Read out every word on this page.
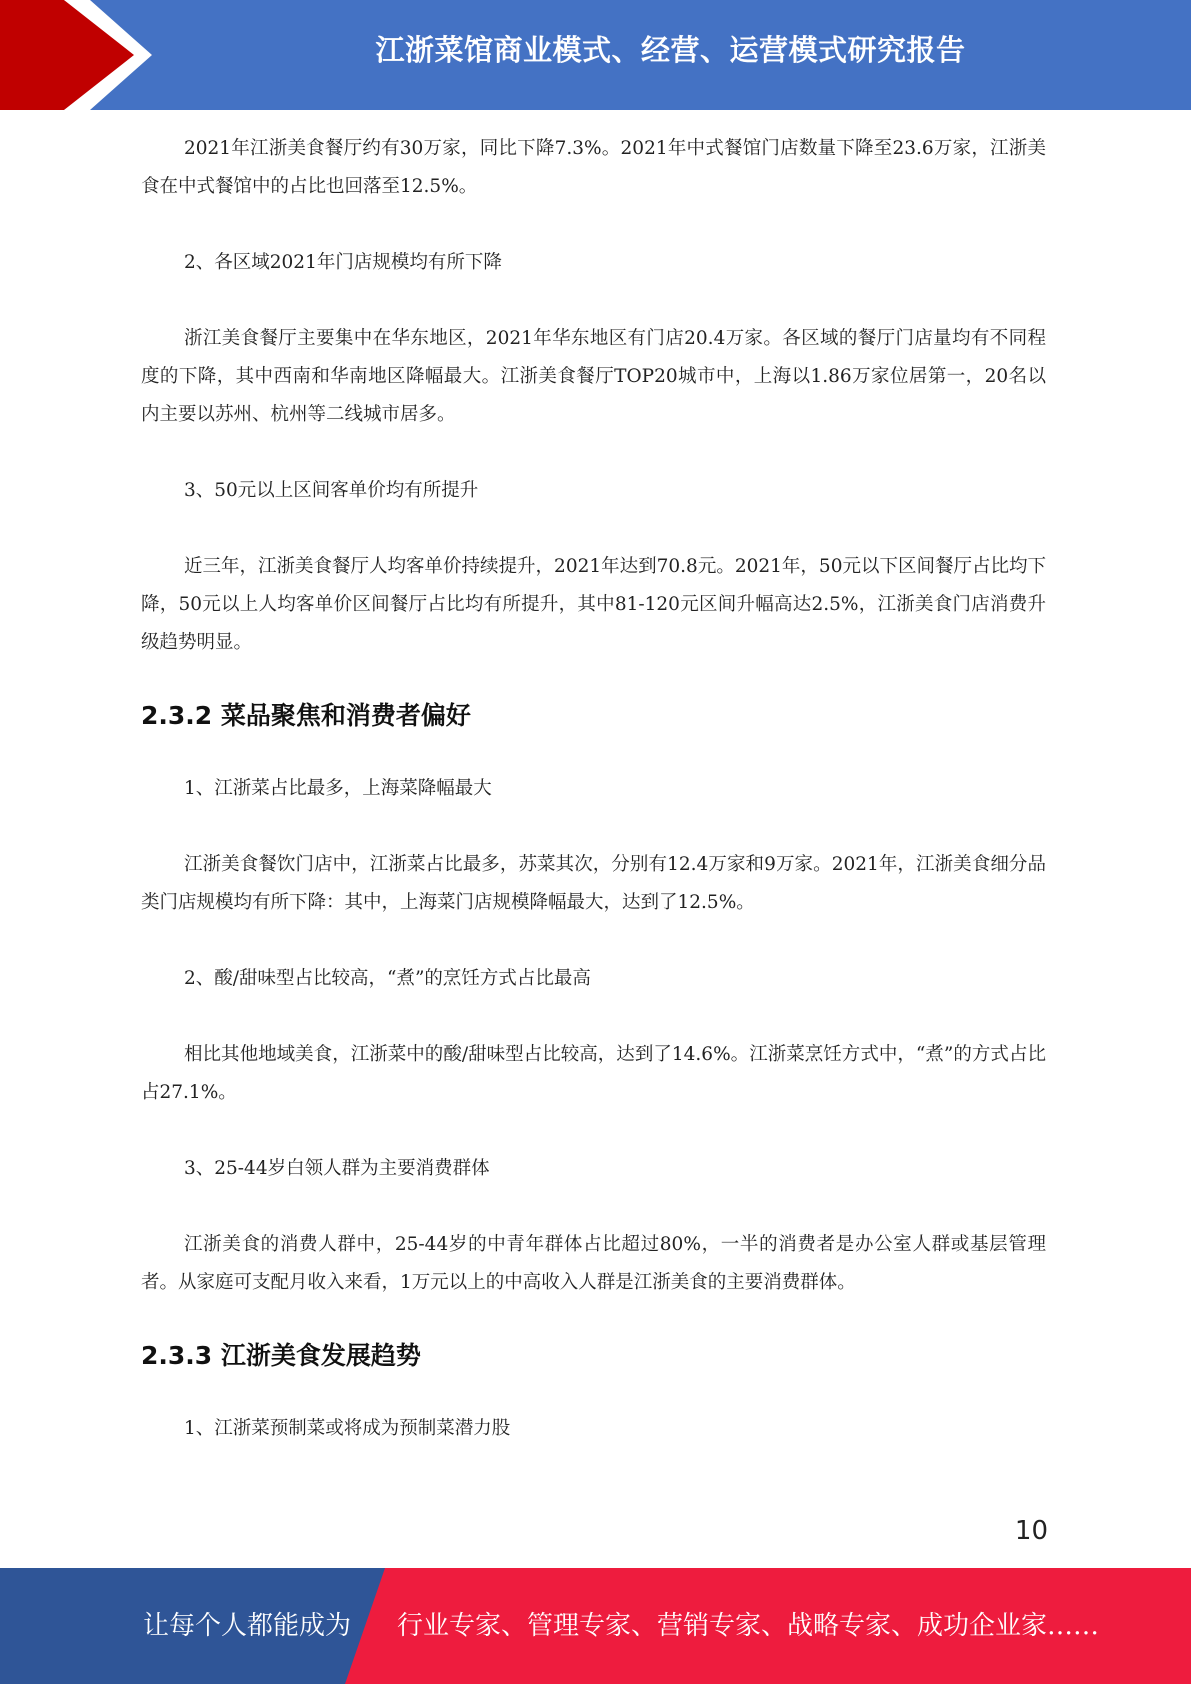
江浙菜馆商业模式、经营、运营模式研究报告

2021年江浙美食餐厅约有30万家，同比下降7.3%。2021年中式餐馆门店数量下降至23.6万家，江浙美食在中式餐馆中的占比也回落至12.5%。

2、各区域2021年门店规模均有所下降

浙江美食餐厅主要集中在华东地区，2021年华东地区有门店20.4万家。各区域的餐厅门店量均有不同程度的下降，其中西南和华南地区降幅最大。江浙美食餐厅TOP20城市中，上海以1.86万家位居第一，20名以内主要以苏州、杭州等二线城市居多。

3、50元以上区间客单价均有所提升

近三年，江浙美食餐厅人均客单价持续提升，2021年达到70.8元。2021年，50元以下区间餐厅占比均下降，50元以上人均客单价区间餐厅占比均有所提升，其中81-120元区间升幅高达2.5%，江浙美食门店消费升级趋势明显。

2.3.2 菜品聚焦和消费者偏好

1、江浙菜占比最多，上海菜降幅最大

江浙美食餐饮门店中，江浙菜占比最多，苏菜其次，分别有12.4万家和9万家。2021年，江浙美食细分品类门店规模均有所下降：其中，上海菜门店规模降幅最大，达到了12.5%。

2、酸/甜味型占比较高，“煮”的烹饪方式占比最高

相比其他地域美食，江浙菜中的酸/甜味型占比较高，达到了14.6%。江浙菜烹饪方式中，“煮”的方式占比占27.1%。

3、25-44岁白领人群为主要消费群体

江浙美食的消费人群中，25-44岁的中青年群体占比超过80%，一半的消费者是办公室人群或基层管理者。从家庭可支配月收入来看，1万元以上的中高收入人群是江浙美食的主要消费群体。

2.3.3 江浙美食发展趋势

1、江浙菜预制菜或将成为预制菜潜力股

10
让每个人都能成为 行业专家、管理专家、营销专家、战略专家、成功企业家……
